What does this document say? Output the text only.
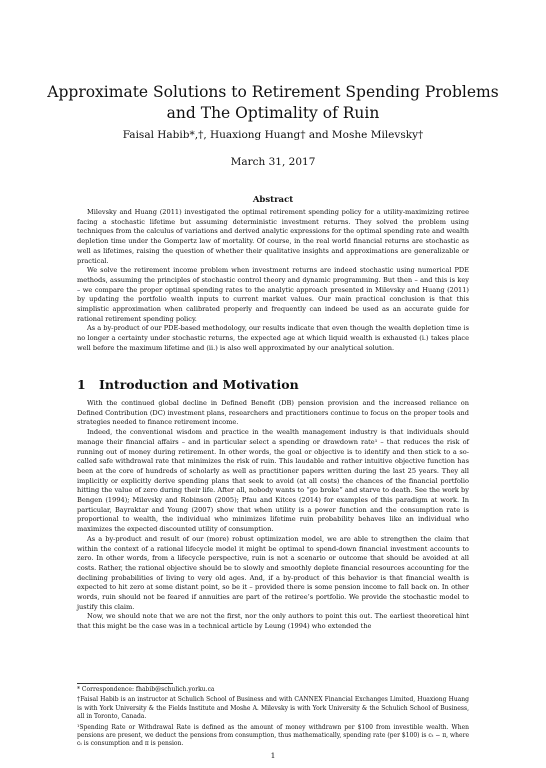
Approximate Solutions to Retirement Spending Problems and The Optimality of Ruin
Faisal Habib*,†, Huaxiong Huang† and Moshe Milevsky†
March 31, 2017
Abstract

Milevsky and Huang (2011) investigated the optimal retirement spending policy for a utility-maximizing retiree facing a stochastic lifetime but assuming deterministic investment returns. They solved the problem using techniques from the calculus of variations and derived analytic expressions for the optimal spending rate and wealth depletion time under the Gompertz law of mortality. Of course, in the real world financial returns are stochastic as well as lifetimes, raising the question of whether their qualitative insights and approximations are generalizable or practical.

We solve the retirement income problem when investment returns are indeed stochastic using numerical PDE methods, assuming the principles of stochastic control theory and dynamic programming. But then – and this is key – we compare the proper optimal spending rates to the analytic approach presented in Milevsky and Huang (2011) by updating the portfolio wealth inputs to current market values. Our main practical conclusion is that this simplistic approximation when calibrated properly and frequently can indeed be used as an accurate guide for rational retirement spending policy.

As a by-product of our PDE-based methodology, our results indicate that even though the wealth depletion time is no longer a certainty under stochastic returns, the expected age at which liquid wealth is exhausted (i.) takes place well before the maximum lifetime and (ii.) is also well approximated by our analytical solution.

1 Introduction and Motivation

With the continued global decline in Defined Benefit (DB) pension provision and the increased reliance on Defined Contribution (DC) investment plans, researchers and practitioners continue to focus on the proper tools and strategies needed to finance retirement income.

Indeed, the conventional wisdom and practice in the wealth management industry is that individuals should manage their financial affairs – and in particular select a spending or drawdown rate¹ – that reduces the risk of running out of money during retirement. In other words, the goal or objective is to identify and then stick to a so-called safe withdrawal rate that minimizes the risk of ruin. This laudable and rather intuitive objective function has been at the core of hundreds of scholarly as well as practitioner papers written during the last 25 years. They all implicitly or explicitly derive spending plans that seek to avoid (at all costs) the chances of the financial portfolio hitting the value of zero during their life. After all, nobody wants to “go broke” and starve to death. See the work by Bengen (1994); Milevsky and Robinson (2005); Pfau and Kitces (2014) for examples of this paradigm at work. In particular, Bayraktar and Young (2007) show that when utility is a power function and the consumption rate is proportional to wealth, the individual who minimizes lifetime ruin probability behaves like an individual who maximizes the expected discounted utility of consumption.

As a by-product and result of our (more) robust optimization model, we are able to strengthen the claim that within the context of a rational lifecycle model it might be optimal to spend-down financial investment accounts to zero. In other words, from a lifecycle perspective, ruin is not a scenario or outcome that should be avoided at all costs. Rather, the rational objective should be to slowly and smoothly deplete financial resources accounting for the declining probabilities of living to very old ages. And, if a by-product of this behavior is that financial wealth is expected to hit zero at some distant point, so be it – provided there is some pension income to fall back on. In other words, ruin should not be feared if annuities are part of the retiree’s portfolio. We provide the stochastic model to justify this claim.

Now, we should note that we are not the first, nor the only authors to point this out. The earliest theoretical hint that this might be the case was in a technical article by Leung (1994) who extended the

* Correspondence: fhabib@schulich.yorku.ca

†Faisal Habib is an instructor at Schulich School of Business and with CANNEX Financial Exchanges Limited, Huaxiong Huang is with York University & the Fields Institute and Moshe A. Milevsky is with York University & the Schulich School of Business, all in Toronto, Canada.

¹Spending Rate or Withdrawal Rate is defined as the amount of money withdrawn per $100 from investible wealth. When pensions are present, we deduct the pensions from consumption, thus mathematically, spending rate (per $100) is cₜ − π, where cₜ is consumption and π is pension.

1
